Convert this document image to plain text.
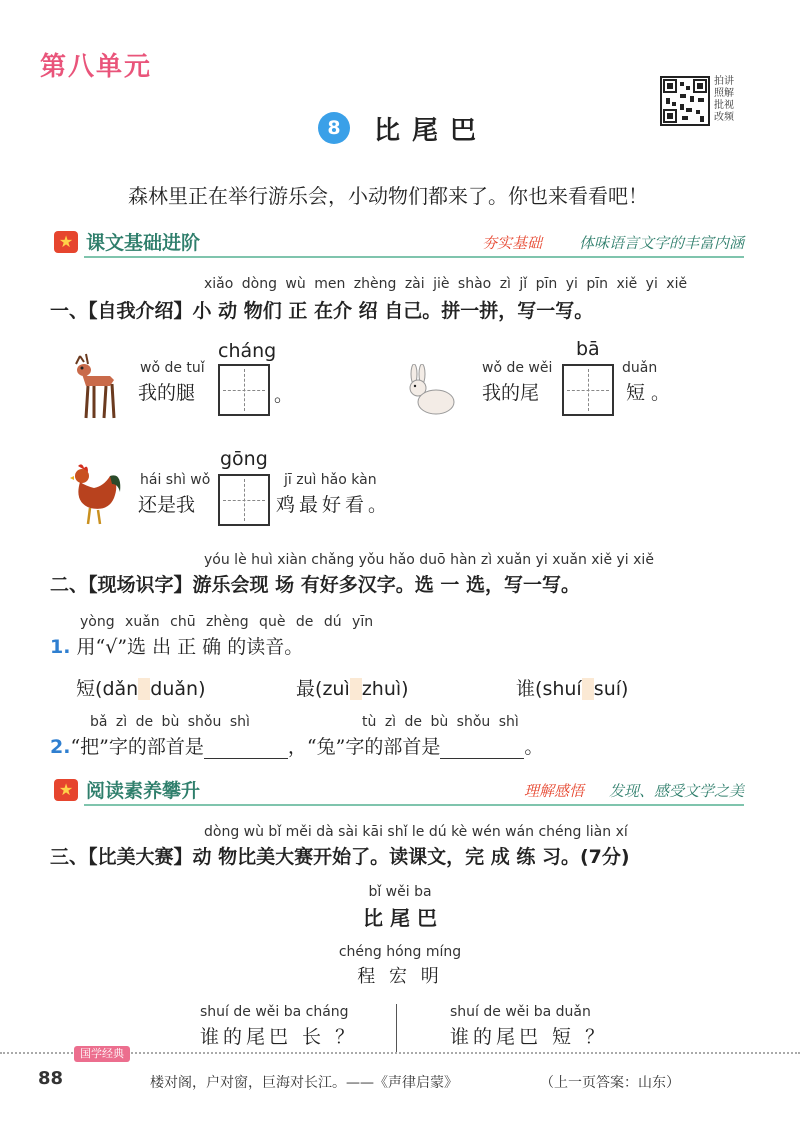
第八单元	拍讲
照解
批视
改频
8	比尾巴
森林里正在举行游乐会，小动物们都来了。你也来看看吧！
★ 课文基础进阶	夯实基础 体味语言文字的丰富内涵
xiǎo dòng wù men zhèng zài jiè shào zì jǐ pīn yi pīn xiě yi xiě
一、【自我介绍】小 动 物们 正 在介 绍 自己。拼一拼，写一写。
wǒ de tuǐ
我的腿
cháng
。
wǒ de wěi
我的尾
bā
duǎn
短。
hái shì wǒ
还是我
gōng
jī zuì hǎo kàn
鸡最好看。
yóu lè huì xiàn chǎng yǒu hǎo duō hàn zì xuǎn yi xuǎn xiě yi xiě
二、【现场识字】游乐会现 场 有好多汉字。选 一 选，写一写。
yòng xuǎn chū zhèng què de dú yīn
1. 用“√”选 出 正 确 的读音。
短(dǎn duǎn)	最(zuì zhuì)	谁(shuí suí)
bǎ zì de bù shǒu shì	tù zì de bù shǒu shì
2.“把”字的部首是	，“兔”字的部首是	。
★ 阅读素养攀升	理解感悟 发现、感受文学之美
dòng wù bǐ měi dà sài kāi shǐ le dú kè wén wán chéng liàn xí
三、【比美大赛】动 物比美大赛开始了。读课文，完 成 练 习。(7分)
bǐ wěi ba
比 尾 巴
chéng hóng míng
程 宏 明
shuí de wěi ba cháng
谁的尾巴 长 ？
shuí de wěi ba duǎn
谁的尾巴 短 ？
国学经典
88	楼对阁，户对窗，巨海对长江。——《声律启蒙》	（上一页答案：山东）
